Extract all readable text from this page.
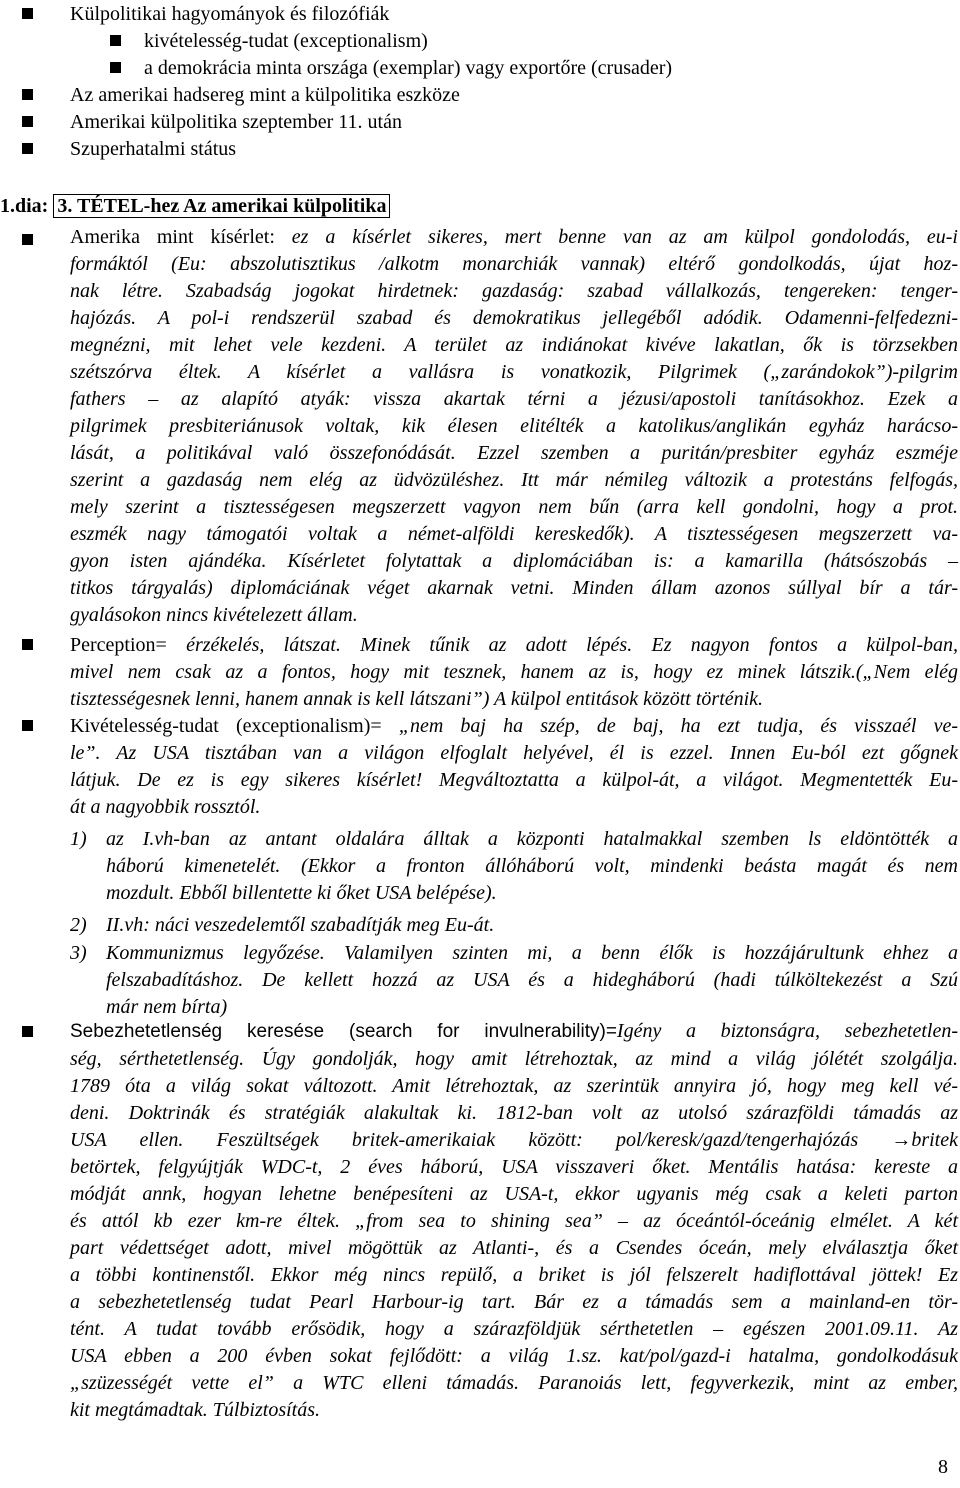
Külpolitikai hagyományok és filozófiák

kivételesség-tudat (exceptionalism)

a demokrácia minta országa (exemplar) vagy exportőre (crusader)

Az amerikai hadsereg mint a külpolitika eszköze

Amerikai külpolitika szeptember 11. után

Szuperhatalmi státus

1.dia: 3. TÉTEL-hez Az amerikai külpolitika

Amerika mint kísérlet: ez a kísérlet sikeres, mert benne van az am külpol gondolodás, eu-i

formáktól (Eu: abszolutisztikus /alkotm monarchiák vannak) eltérő gondolkodás, újat hoz-

nak létre. Szabadság jogokat hirdetnek: gazdaság: szabad vállalkozás, tengereken: tenger-

hajózás. A pol-i rendszerül szabad és demokratikus jellegéből adódik. Odamenni-felfedezni-

megnézni, mit lehet vele kezdeni. A terület az indiánokat kivéve lakatlan, ők is törzsekben

szétszórva éltek. A kísérlet a vallásra is vonatkozik, Pilgrimek („zarándokok”)-pilgrim

fathers – az alapító atyák: vissza akartak térni a jézusi/apostoli tanításokhoz. Ezek a

pilgrimek presbiteriánusok voltak, kik élesen elitélték a katolikus/anglikán egyház harácso-

lását, a politikával való összefonódását. Ezzel szemben a puritán/presbiter egyház eszméje

szerint a gazdaság nem elég az üdvözüléshez. Itt már némileg változik a protestáns felfogás,

mely szerint a tisztességesen megszerzett vagyon nem bűn (arra kell gondolni, hogy a prot.

eszmék nagy támogatói voltak a német-alföldi kereskedők). A tisztességesen megszerzett va-

gyon isten ajándéka. Kísérletet folytattak a diplomáciában is: a kamarilla (hátsószobás –

titkos tárgyalás) diplomáciának véget akarnak vetni. Minden állam azonos súllyal bír a tár-

gyalásokon nincs kivételezett állam.

Perception= érzékelés, látszat. Minek tűnik az adott lépés. Ez nagyon fontos a külpol-ban,

mivel nem csak az a fontos, hogy mit tesznek, hanem az is, hogy ez minek látszik.(„Nem elég

tisztességesnek lenni, hanem annak is kell látszani”) A külpol entitások között történik.

Kivételesség-tudat (exceptionalism)= „nem baj ha szép, de baj, ha ezt tudja, és visszaél ve-

le”. Az USA tisztában van a világon elfoglalt helyével, él is ezzel. Innen Eu-ból ezt gőgnek

látjuk. De ez is egy sikeres kísérlet! Megváltoztatta a külpol-át, a világot. Megmentették Eu-

át a nagyobbik rossztól.

1) az I.vh-ban az antant oldalára álltak a központi hatalmakkal szemben ls eldöntötték a

háború kimenetelét. (Ekkor a fronton állóháború volt, mindenki beásta magát és nem

mozdult. Ebből billentette ki őket USA belépése).

2) II.vh: náci veszedelemtől szabadítják meg Eu-át.

3) Kommunizmus legyőzése. Valamilyen szinten mi, a benn élők is hozzájárultunk ehhez a

felszabadításhoz. De kellett hozzá az USA és a hidegháború (hadi túlköltekezést a Szú

már nem bírta)

Sebezhetetlenség keresése (search for invulnerability)=Igény a biztonságra, sebezhetetlen-

ség, sérthetetlenség. Úgy gondolják, hogy amit létrehoztak, az mind a világ jólétét szolgálja.

1789 óta a világ sokat változott. Amit létrehoztak, az szerintük annyira jó, hogy meg kell vé-

deni. Doktrinák és stratégiák alakultak ki. 1812-ban volt az utolsó szárazföldi támadás az

USA ellen. Feszültségek britek-amerikaiak között: pol/keresk/gazd/tengerhajózás →britek

betörtek, felgyújtják WDC-t, 2 éves háború, USA visszaveri őket. Mentális hatása: kereste a

módját annk, hogyan lehetne benépesíteni az USA-t, ekkor ugyanis még csak a keleti parton

és attól kb ezer km-re éltek. „from sea to shining sea” – az óceántól-óceánig elmélet. A két

part védettséget adott, mivel mögöttük az Atlanti-, és a Csendes óceán, mely elválasztja őket

a többi kontinenstől. Ekkor még nincs repülő, a briket is jól felszerelt hadiflottával jöttek! Ez

a sebezhetetlenség tudat Pearl Harbour-ig tart. Bár ez a támadás sem a mainland-en tör-

tént. A tudat tovább erősödik, hogy a szárazföldjük sérthetetlen – egészen 2001.09.11. Az

USA ebben a 200 évben sokat fejlődött: a világ 1.sz. kat/pol/gazd-i hatalma, gondolkodásuk

„szüzességét vette el” a WTC elleni támadás. Paranoiás lett, fegyverkezik, mint az ember,

kit megtámadtak. Túlbiztosítás.

8
